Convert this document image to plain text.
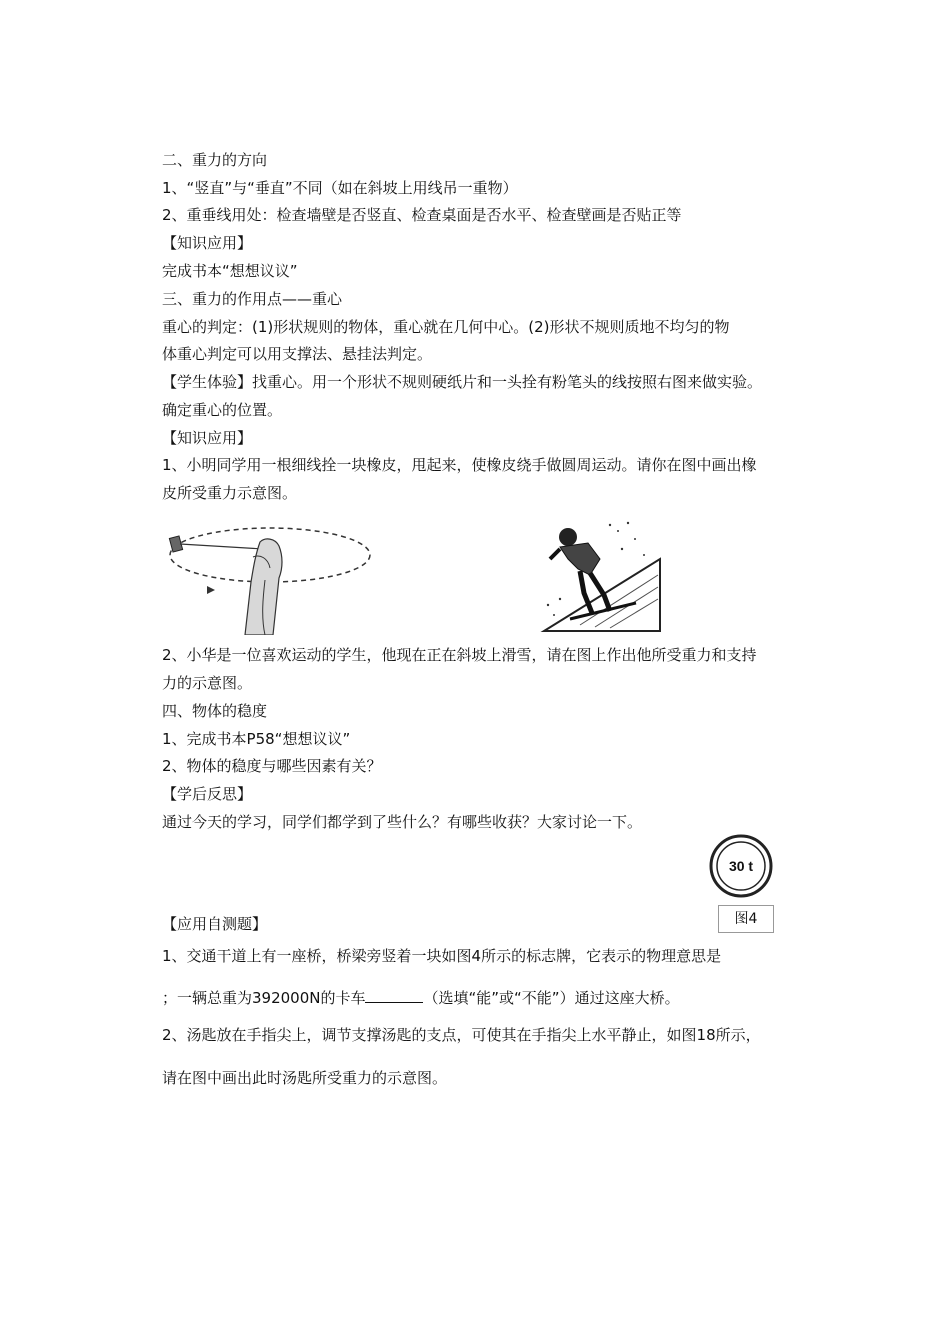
二、重力的方向
1、“竖直”与“垂直”不同（如在斜坡上用线吊一重物）
2、重垂线用处：检查墙壁是否竖直、检查桌面是否水平、检查壁画是否贴正等
【知识应用】
完成书本“想想议议”
三、重力的作用点——重心
重心的判定：(1)形状规则的物体，重心就在几何中心。(2)形状不规则质地不均匀的物
体重心判定可以用支撑法、悬挂法判定。
【学生体验】找重心。用一个形状不规则硬纸片和一头拴有粉笔头的线按照右图来做实验。
确定重心的位置。
【知识应用】
1、小明同学用一根细线拴一块橡皮，甩起来，使橡皮绕手做圆周运动。请你在图中画出橡
皮所受重力示意图。
2、小华是一位喜欢运动的学生，他现在正在斜坡上滑雪，请在图上作出他所受重力和支持
力的示意图。
四、物体的稳度
1、完成书本P58“想想议议”
2、物体的稳度与哪些因素有关？
【学后反思】
通过今天的学习，同学们都学到了些什么？有哪些收获？大家讨论一下。
30 t
图4
【应用自测题】
1、交通干道上有一座桥，桥梁旁竖着一块如图4所示的标志牌，它表示的物理意思是
；一辆总重为392000N的卡车	（选填“能”或“不能”）通过这座大桥。
2、汤匙放在手指尖上，调节支撑汤匙的支点，可使其在手指尖上水平静止，如图18所示，
请在图中画出此时汤匙所受重力的示意图。
